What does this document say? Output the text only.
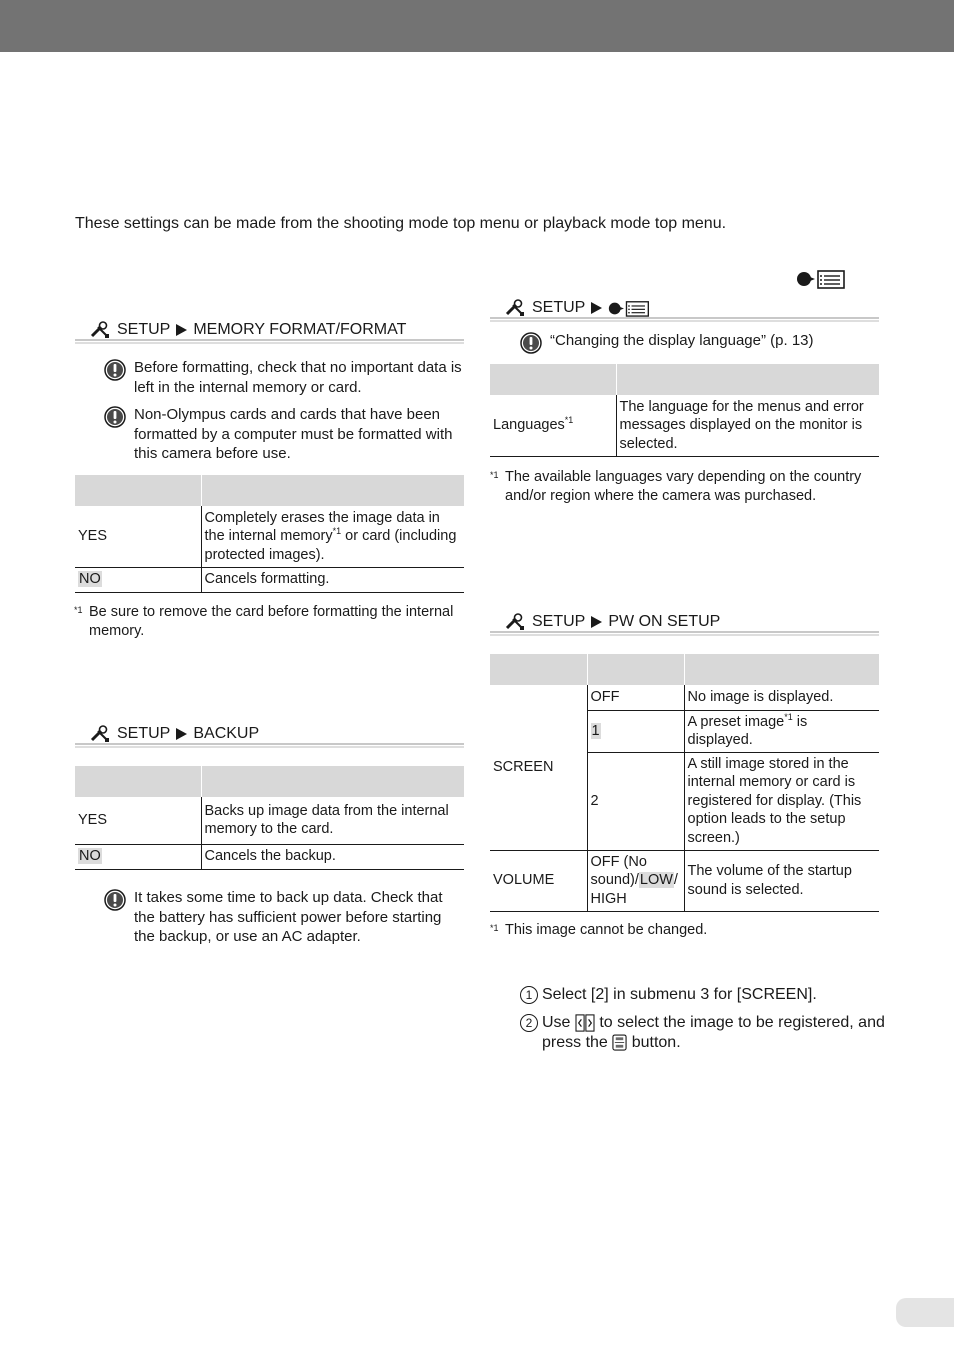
These settings can be made from the shooting mode top menu or playback mode top menu.

SETUP MEMORY FORMAT/FORMAT
Before formatting, check that no important data is left in the internal memory or card.
Non-Olympus cards and cards that have been formatted by a computer must be formatted with this camera before use.

YES	Completely erases the image data in the internal memory$^{*1}$ or card (including protected images).
NO	Cancels formatting.
*1 Be sure to remove the card before formatting the internal memory.
SETUP BACKUP

YES	Backs up image data from the internal memory to the card.
NO	Cancels the backup.
It takes some time to back up data. Check that the battery has sufficient power before starting the backup, or use an AC adapter.
SETUP
“Changing the display language” (p. 13)

Languages$^{*1}$	The language for the menus and error messages displayed on the monitor is selected.
*1 The available languages vary depending on the country and/or region where the camera was purchased.
SETUP PW ON SETUP

SCREEN	OFF	No image is displayed.
	1	A preset image$^{*1}$ is displayed.
	2	A still image stored in the internal memory or card is registered for display. (This option leads to the setup screen.)
VOLUME	OFF (No sound)/LOW/ HIGH	The volume of the startup sound is selected.
*1 This image cannot be changed.
1 Select [2] in submenu 3 for [SCREEN].
2 Use  to select the image to be registered, and press the  button.
